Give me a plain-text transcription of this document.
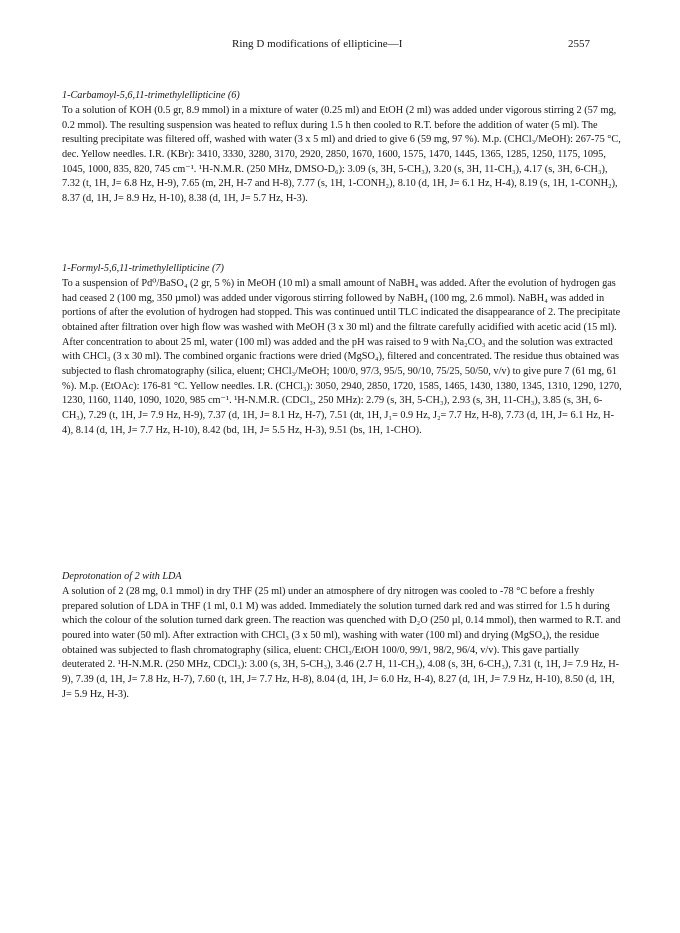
Ring D modifications of ellipticine—I	2557

1-Carbamoyl-5,6,11-trimethylellipticine (6)

To a solution of KOH (0.5 gr, 8.9 mmol) in a mixture of water (0.25 ml) and EtOH (2 ml) was added under vigorous stirring 2 (57 mg, 0.2 mmol). The resulting suspension was heated to reflux during 1.5 h then cooled to R.T. before the addition of water (5 ml). The resulting precipitate was filtered off, washed with water (3 x 5 ml) and dried to give 6 (59 mg, 97 %). M.p. (CHCl₃/MeOH): 267-75 °C, dec. Yellow needles. I.R. (KBr): 3410, 3330, 3280, 3170, 2920, 2850, 1670, 1600, 1575, 1470, 1445, 1365, 1285, 1250, 1175, 1095, 1045, 1000, 835, 820, 745 cm⁻¹. ¹H-N.M.R. (250 MHz, DMSO-D₆): 3.09 (s, 3H, 5-CH₃), 3.20 (s, 3H, 11-CH₃), 4.17 (s, 3H, 6-CH₃), 7.32 (t, 1H, J= 6.8 Hz, H-9), 7.65 (m, 2H, H-7 and H-8), 7.77 (s, 1H, 1-CONH₂), 8.10 (d, 1H, J= 6.1 Hz, H-4), 8.19 (s, 1H, 1-CONH₂), 8.37 (d, 1H, J= 8.9 Hz, H-10), 8.38 (d, 1H, J= 5.7 Hz, H-3).

1-Formyl-5,6,11-trimethylellipticine (7)

To a suspension of Pd⁰/BaSO₄ (2 gr, 5 %) in MeOH (10 ml) a small amount of NaBH₄ was added. After the evolution of hydrogen gas had ceased 2 (100 mg, 350 µmol) was added under vigorous stirring followed by NaBH₄ (100 mg, 2.6 mmol). NaBH₄ was added in portions of after the evolution of hydrogen had stopped. This was continued until TLC indicated the disappearance of 2. The precipitate obtained after filtration over high flow was washed with MeOH (3 x 30 ml) and the filtrate carefully acidified with acetic acid (15 ml). After concentration to about 25 ml, water (100 ml) was added and the pH was raised to 9 with Na₂CO₃ and the solution was extracted with CHCl₃ (3 x 30 ml). The combined organic fractions were dried (MgSO₄), filtered and concentrated. The residue thus obtained was subjected to flash chromatography (silica, eluent; CHCl₃/MeOH; 100/0, 97/3, 95/5, 90/10, 75/25, 50/50, v/v) to give pure 7 (61 mg, 61 %). M.p. (EtOAc): 176-81 °C. Yellow needles. I.R. (CHCl₃): 3050, 2940, 2850, 1720, 1585, 1465, 1430, 1380, 1345, 1310, 1290, 1270, 1230, 1160, 1140, 1090, 1020, 985 cm⁻¹. ¹H-N.M.R. (CDCl₃, 250 MHz): 2.79 (s, 3H, 5-CH₃), 2.93 (s, 3H, 11-CH₃), 3.85 (s, 3H, 6-CH₃), 7.29 (t, 1H, J= 7.9 Hz, H-9), 7.37 (d, 1H, J= 8.1 Hz, H-7), 7.51 (dt, 1H, J₁= 0.9 Hz, J₂= 7.7 Hz, H-8), 7.73 (d, 1H, J= 6.1 Hz, H-4), 8.14 (d, 1H, J= 7.7 Hz, H-10), 8.42 (bd, 1H, J= 5.5 Hz, H-3), 9.51 (bs, 1H, 1-CHO).

Deprotonation of 2 with LDA

A solution of 2 (28 mg, 0.1 mmol) in dry THF (25 ml) under an atmosphere of dry nitrogen was cooled to -78 °C before a freshly prepared solution of LDA in THF (1 ml, 0.1 M) was added. Immediately the solution turned dark red and was stirred for 1.5 h during which the colour of the solution turned dark green. The reaction was quenched with D₂O (250 µl, 0.14 mmol), then warmed to R.T. and poured into water (50 ml). After extraction with CHCl₃ (3 x 50 ml), washing with water (100 ml) and drying (MgSO₄), the residue obtained was subjected to flash chromatography (silica, eluent: CHCl₃/EtOH 100/0, 99/1, 98/2, 96/4, v/v). This gave partially deuterated 2. ¹H-N.M.R. (250 MHz, CDCl₃): 3.00 (s, 3H, 5-CH₃), 3.46 (2.7 H, 11-CH₃), 4.08 (s, 3H, 6-CH₃), 7.31 (t, 1H, J= 7.9 Hz, H-9), 7.39 (d, 1H, J= 7.8 Hz, H-7), 7.60 (t, 1H, J= 7.7 Hz, H-8), 8.04 (d, 1H, J= 6.0 Hz, H-4), 8.27 (d, 1H, J= 7.9 Hz, H-10), 8.50 (d, 1H, J= 5.9 Hz, H-3).
